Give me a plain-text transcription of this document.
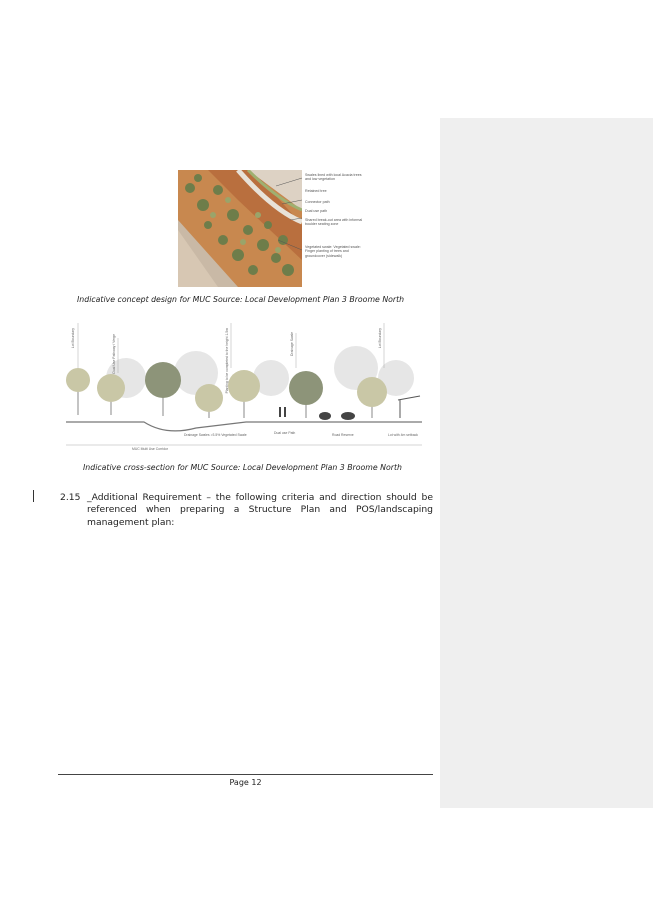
Swales lined with local Acacia trees and low vegetation
Retained tree
Connector path
Dual use path
Shared break-out area with informal boulder seating zone
Vegetated swale: Vegetated swale: Finger planting of trees and groundcover (sidewalk)
Indicative concept design for MUC Source: Local Development Plan 3 Broome North
Lot Boundary	Dual Use Pathway / Verge	Planting to be completed to the height 1.5m	Drainage Swale	Lot Boundary
Drainage Swales >3.5% Vegetated Swale	Dual use Path	Road Reserve	Lot with 4m setback
MUC Multi Use Corridor
Indicative cross-section for MUC Source: Local Development Plan 3 Broome North
2.15 _Additional Requirement – the following criteria and direction should be referenced when preparing a Structure Plan and POS/landscaping management plan:
Page 12
